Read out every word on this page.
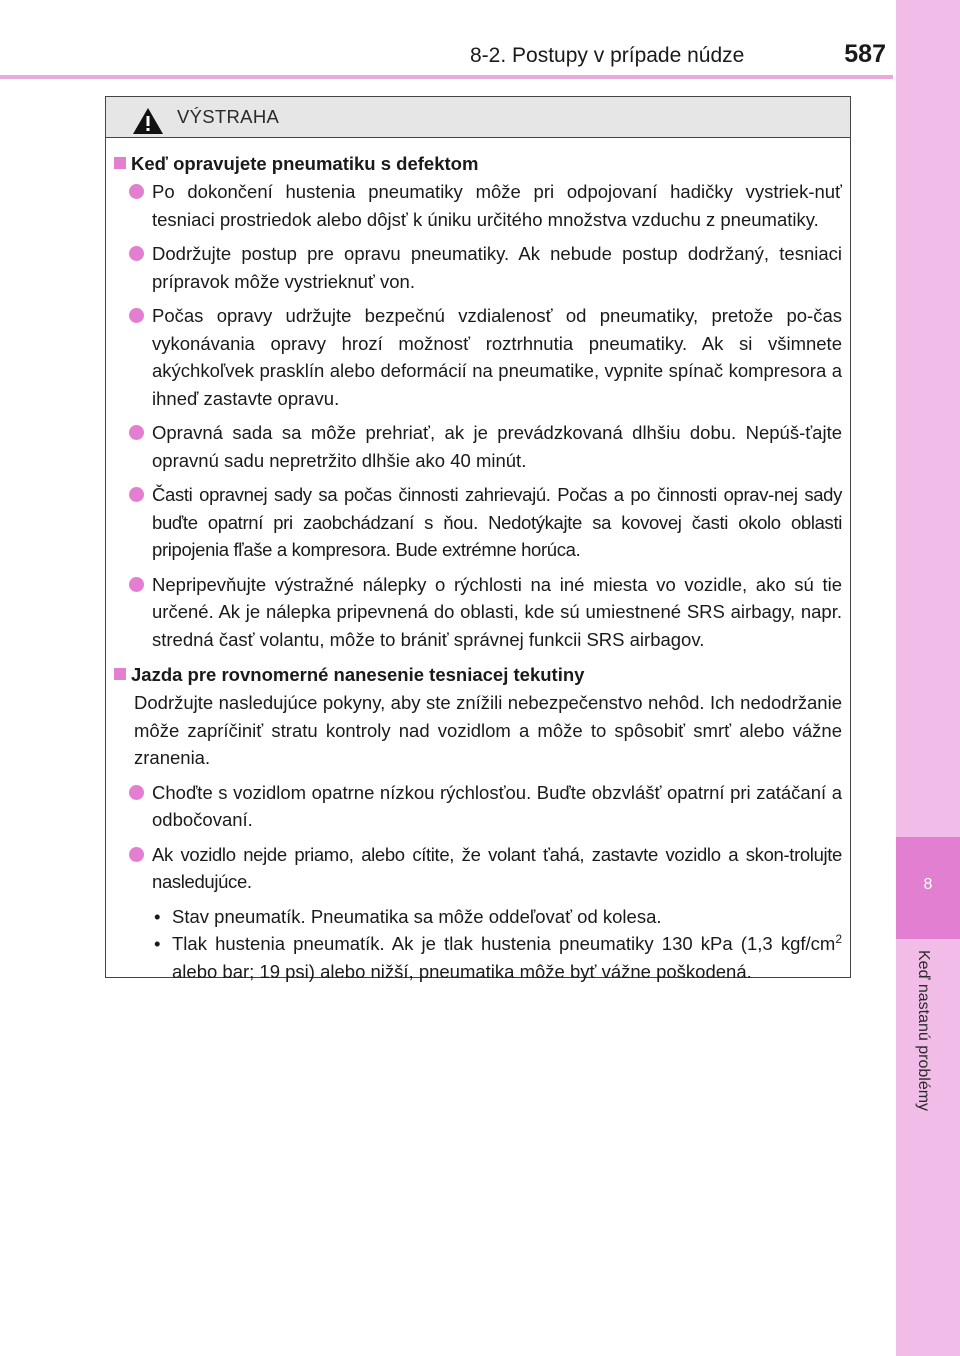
8-2. Postupy v prípade núdze	587
8
Keď nastanú problémy
VÝSTRAHA
Keď opravujete pneumatiku s defektom
Po dokončení hustenia pneumatiky môže pri odpojovaní hadičky vystriek-nuť tesniaci prostriedok alebo dôjsť k úniku určitého množstva vzduchu z pneumatiky.
Dodržujte postup pre opravu pneumatiky. Ak nebude postup dodržaný, tesniaci prípravok môže vystrieknuť von.
Počas opravy udržujte bezpečnú vzdialenosť od pneumatiky, pretože po-čas vykonávania opravy hrozí možnosť roztrhnutia pneumatiky. Ak si všimnete akýchkoľvek prasklín alebo deformácií na pneumatike, vypnite spínač kompresora a ihneď zastavte opravu.
Opravná sada sa môže prehriať, ak je prevádzkovaná dlhšiu dobu. Nepúš-ťajte opravnú sadu nepretržito dlhšie ako 40 minút.
Časti opravnej sady sa počas činnosti zahrievajú. Počas a po činnosti oprav-nej sady buďte opatrní pri zaobchádzaní s ňou. Nedotýkajte sa kovovej časti okolo oblasti pripojenia fľaše a kompresora. Bude extrémne horúca.
Nepripevňujte výstražné nálepky o rýchlosti na iné miesta vo vozidle, ako sú tie určené. Ak je nálepka pripevnená do oblasti, kde sú umiestnené SRS airbagy, napr. stredná časť volantu, môže to brániť správnej funkcii SRS airbagov.
Jazda pre rovnomerné nanesenie tesniacej tekutiny
Dodržujte nasledujúce pokyny, aby ste znížili nebezpečenstvo nehôd. Ich nedodržanie môže zapríčiniť stratu kontroly nad vozidlom a môže to spôsobiť smrť alebo vážne zranenia.
Choďte s vozidlom opatrne nízkou rýchlosťou. Buďte obzvlášť opatrní pri zatáčaní a odbočovaní.
Ak vozidlo nejde priamo, alebo cítite, že volant ťahá, zastavte vozidlo a skon-trolujte nasledujúce.
• Stav pneumatík. Pneumatika sa môže oddeľovať od kolesa.
• Tlak hustenia pneumatík. Ak je tlak hustenia pneumatiky 130 kPa (1,3 kgf/$cm^2$ alebo bar; 19 psi) alebo nižší, pneumatika môže byť vážne poškodená.
